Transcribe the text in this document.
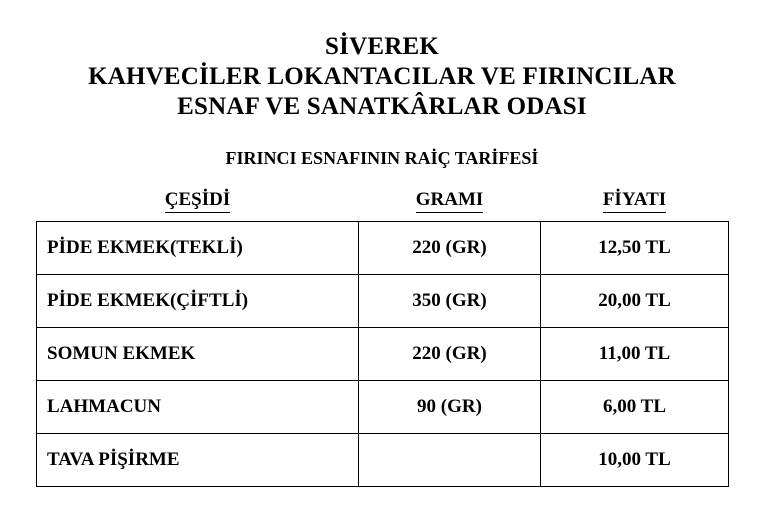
SİVEREK
KAHVECİLER LOKANTACILAR VE FIRINCILAR
ESNAF VE SANATKÂRLAR ODASI
FIRINCI ESNAFININ RAİÇ TARİFESİ
ÇEŞİDİ	GRAMI	FİYATI
PİDE EKMEK(TEKLİ)	220 (GR)	12,50 TL
PİDE EKMEK(ÇİFTLİ)	350 (GR)	20,00 TL
SOMUN EKMEK	220 (GR)	11,00 TL
LAHMACUN	90 (GR)	6,00 TL
TAVA PİŞİRME		10,00 TL
